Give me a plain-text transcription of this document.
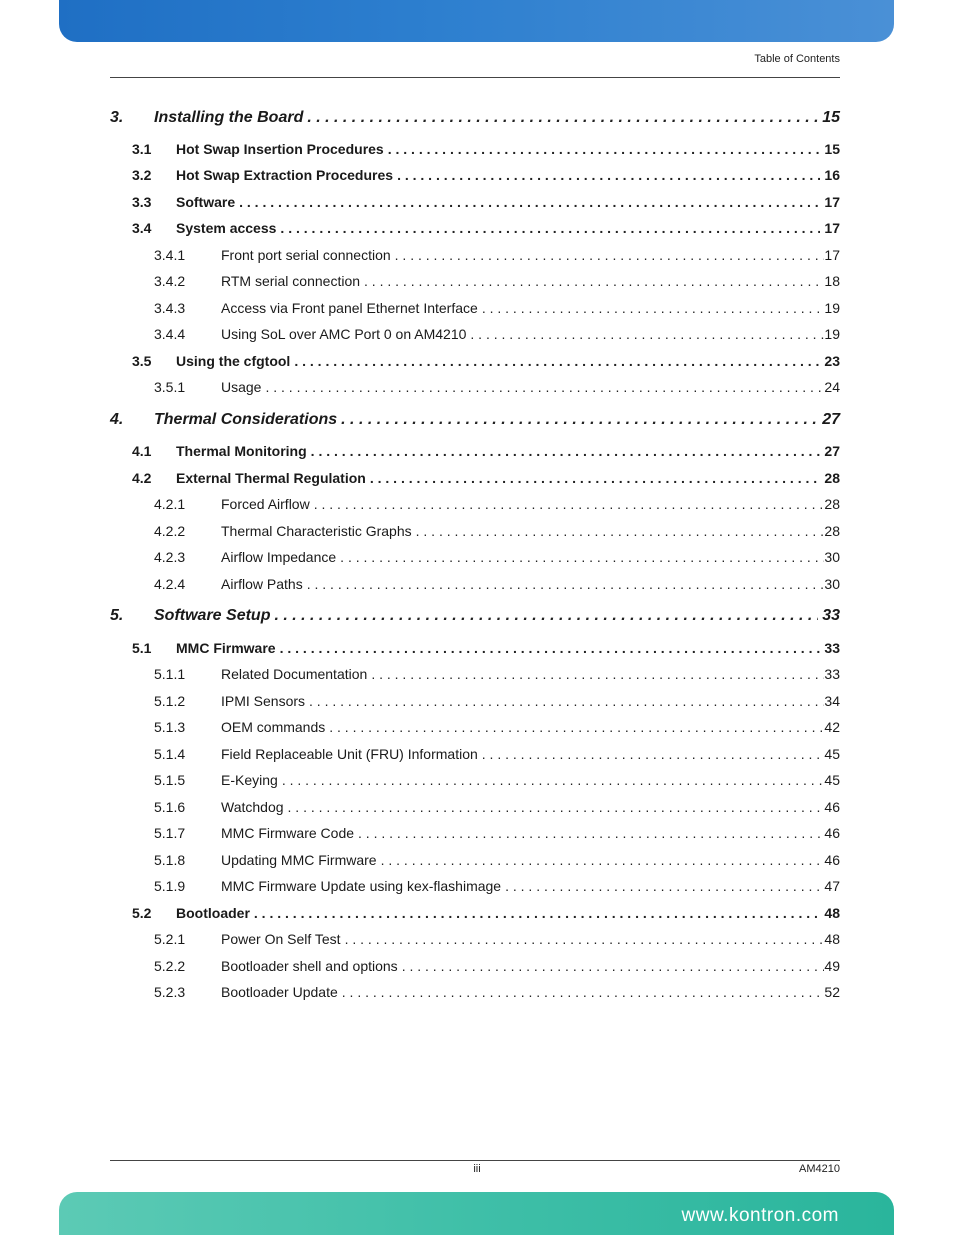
Table of Contents
3.	Installing the Board . . .	15
3.1	Hot Swap Insertion Procedures . . .	15
3.2	Hot Swap Extraction Procedures . . .	16
3.3	Software . . .	17
3.4	System access . . .	17
3.4.1	Front port serial connection . . .	17
3.4.2	RTM serial connection . . .	18
3.4.3	Access via Front panel Ethernet Interface . . .	19
3.4.4	Using SoL over AMC Port 0 on AM4210 . . .	19
3.5	Using the cfgtool . . .	23
3.5.1	Usage . . .	24
4.	Thermal Considerations . . .	27
4.1	Thermal Monitoring . . .	27
4.2	External Thermal Regulation . . .	28
4.2.1	Forced Airflow . . .	28
4.2.2	Thermal Characteristic Graphs . . .	28
4.2.3	Airflow Impedance . . .	30
4.2.4	Airflow Paths . . .	30
5.	Software Setup . . .	33
5.1	MMC Firmware . . .	33
5.1.1	Related Documentation . . .	33
5.1.2	IPMI Sensors . . .	34
5.1.3	OEM commands . . .	42
5.1.4	Field Replaceable Unit (FRU) Information . . .	45
5.1.5	E-Keying . . .	45
5.1.6	Watchdog . . .	46
5.1.7	MMC Firmware Code . . .	46
5.1.8	Updating MMC Firmware . . .	46
5.1.9	MMC Firmware Update using kex-flashimage . . .	47
5.2	Bootloader . . .	48
5.2.1	Power On Self Test . . .	48
5.2.2	Bootloader shell and options . . .	49
5.2.3	Bootloader Update . . .	52
iii	AM4210
www.kontron.com
